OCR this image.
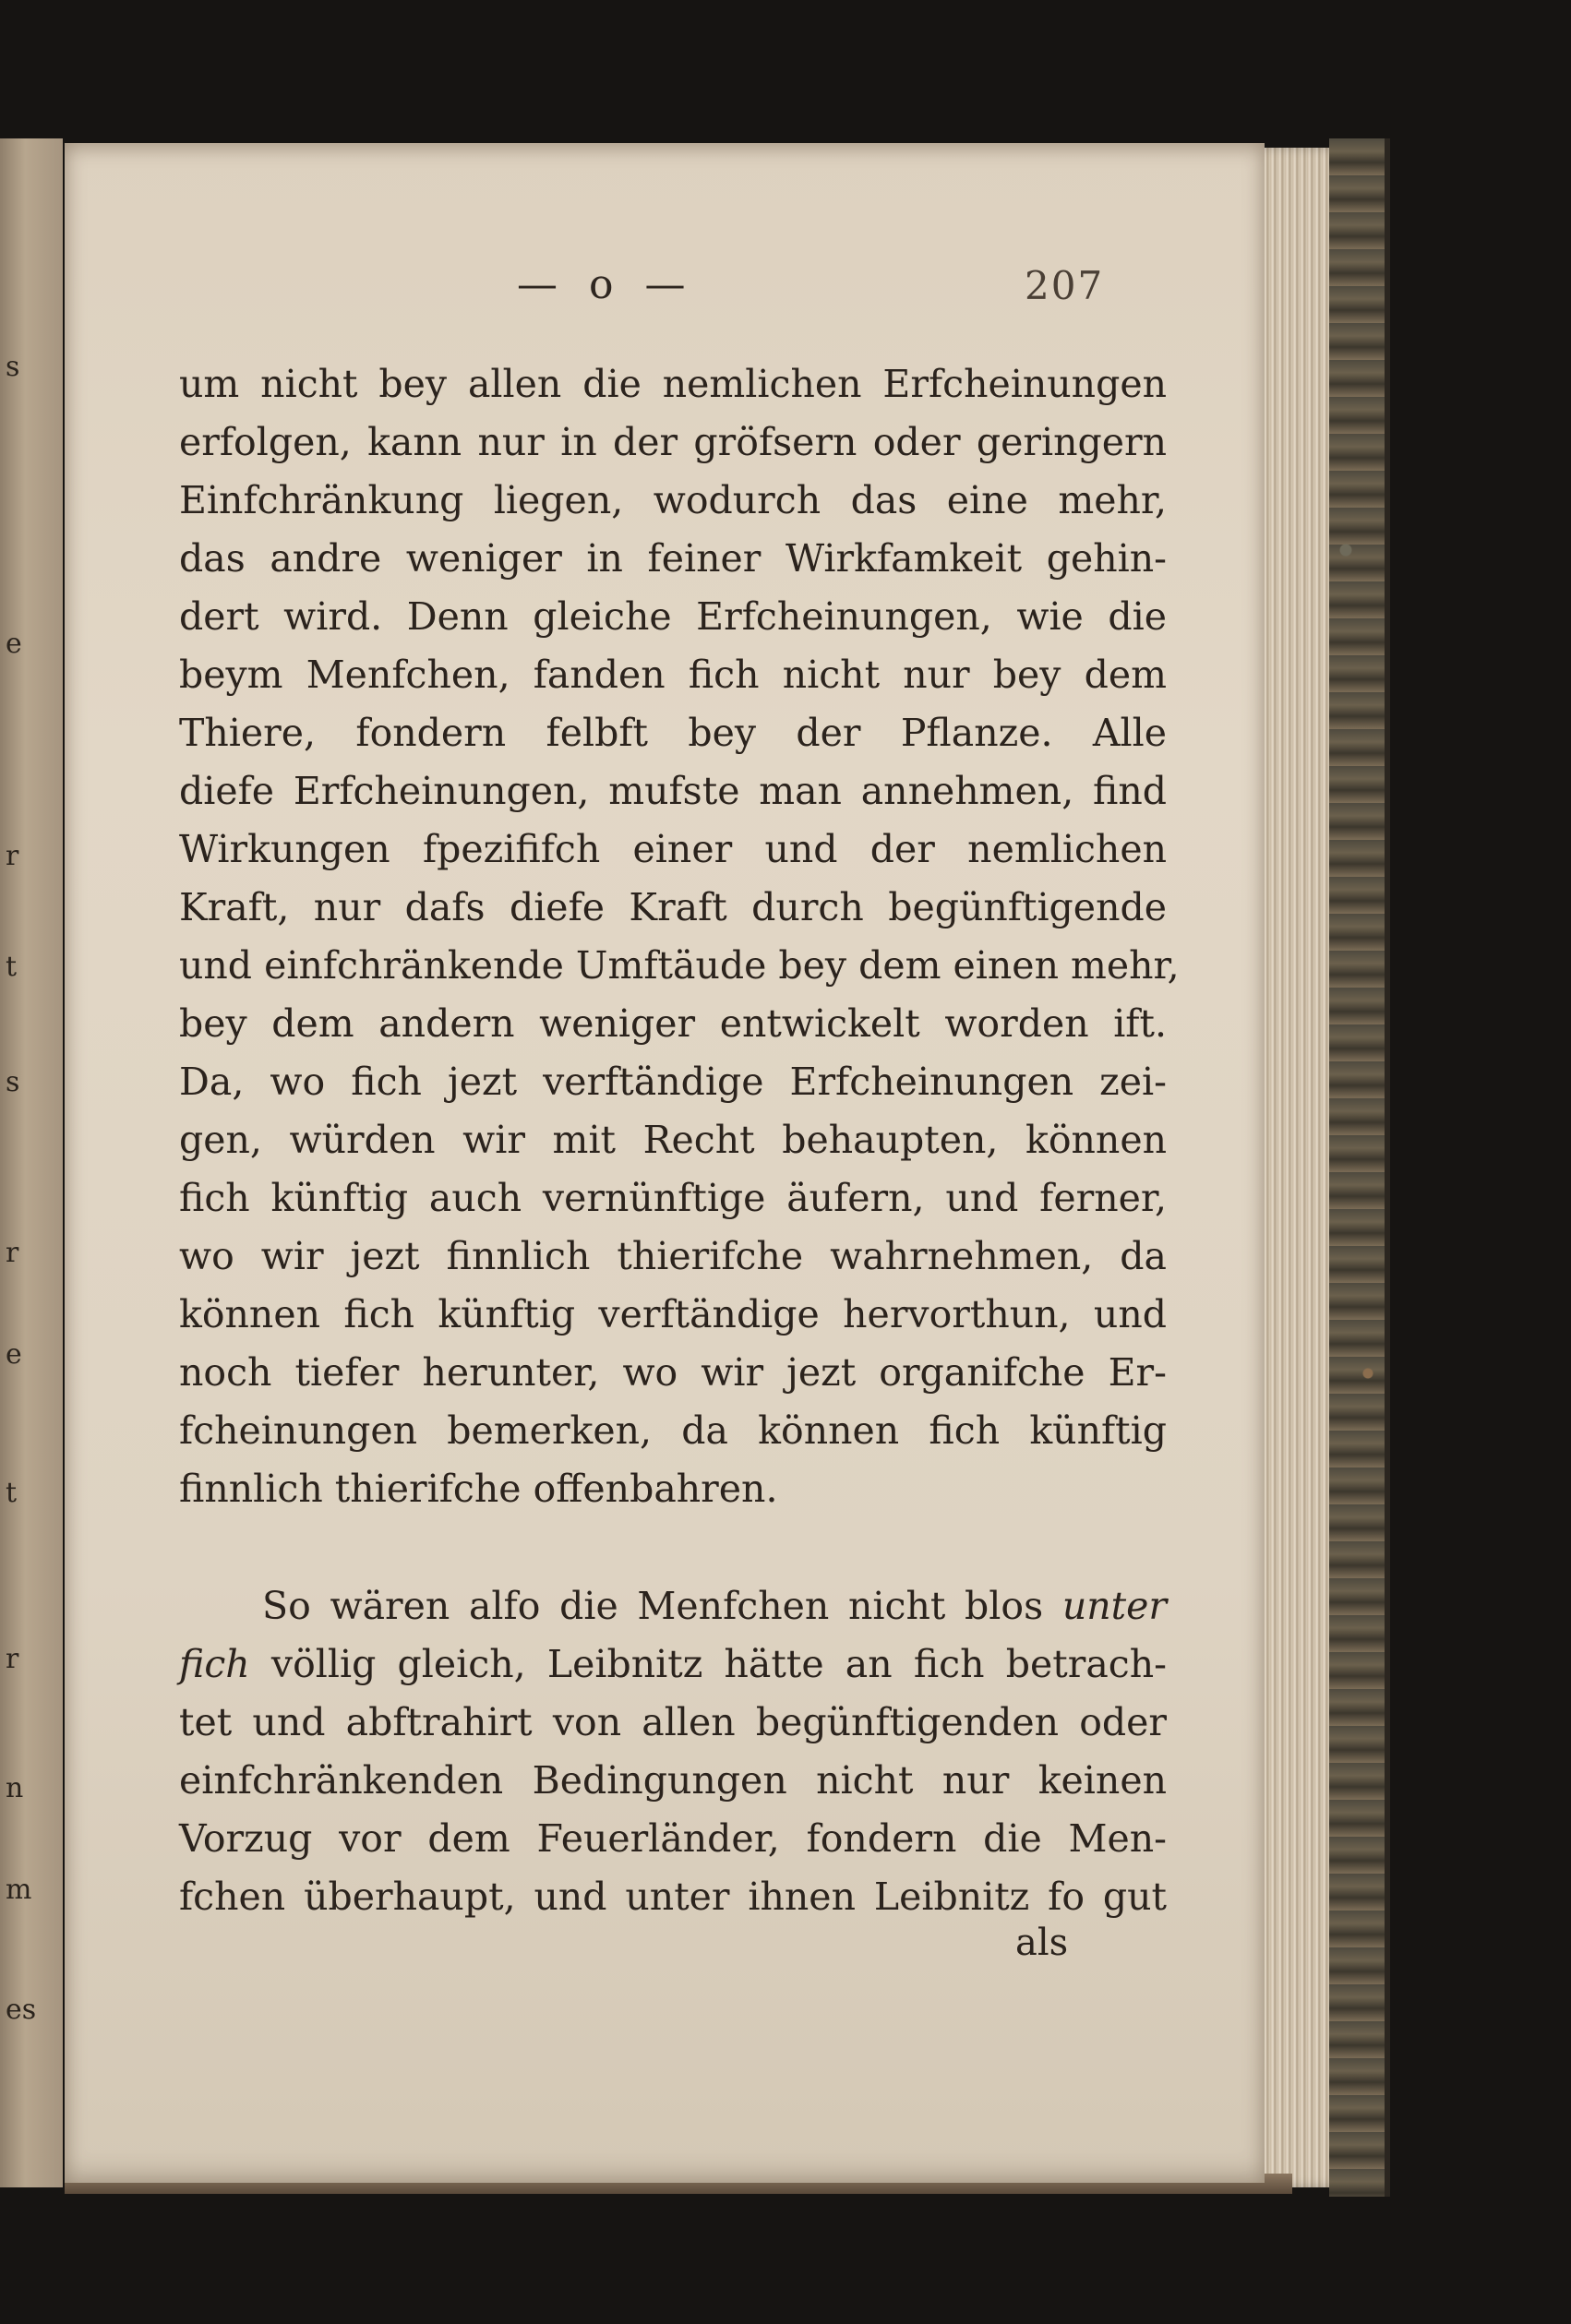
s
e
r
t
s
r
e
t
r
n
m
es
— o —	207
um nicht bey allen die nemlichen Erfcheinungen
erfolgen, kann nur in der gröfsern oder geringern
Einfchränkung liegen, wodurch das eine mehr,
das andre weniger in feiner Wirkfamkeit gehin-
dert wird. Denn gleiche Erfcheinungen, wie die
beym Menfchen, fanden fich nicht nur bey dem
Thiere, fondern felbft bey der Pflanze. Alle
diefe Erfcheinungen, mufste man annehmen, find
Wirkungen fpezififch einer und der nemlichen
Kraft, nur dafs diefe Kraft durch begünftigende
und einfchränkende Umftäude bey dem einen mehr,
bey dem andern weniger entwickelt worden ift.
Da, wo fich jezt verftändige Erfcheinungen zei-
gen, würden wir mit Recht behaupten, können
fich künftig auch vernünftige äufern, und ferner,
wo wir jezt finnlich thierifche wahrnehmen, da
können fich künftig verftändige hervorthun, und
noch tiefer herunter, wo wir jezt organifche Er-
fcheinungen bemerken, da können fich künftig
finnlich thierifche offenbahren.
So wären alfo die Menfchen nicht blos unter
fich völlig gleich, Leibnitz hätte an fich betrach-
tet und abftrahirt von allen begünftigenden oder
einfchränkenden Bedingungen nicht nur keinen
Vorzug vor dem Feuerländer, fondern die Men-
fchen überhaupt, und unter ihnen Leibnitz fo gut
als
